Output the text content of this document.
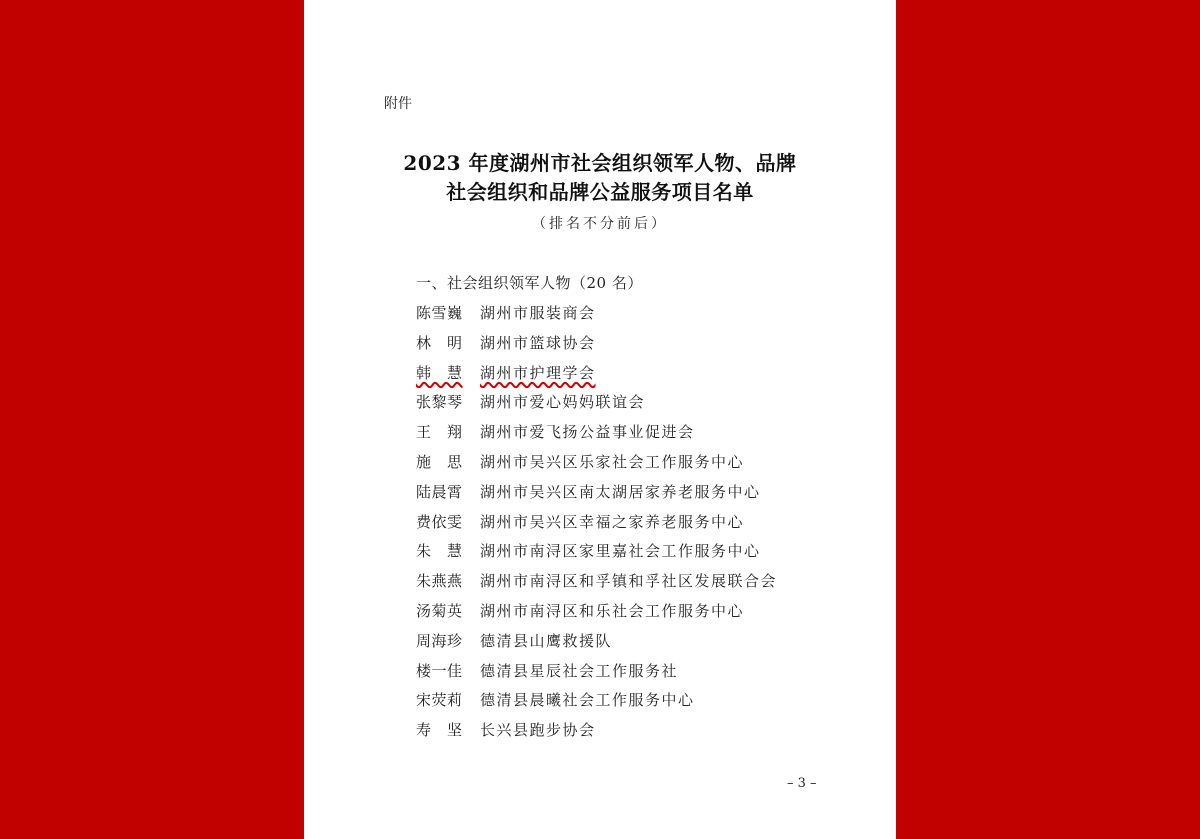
附件
2023 年度湖州市社会组织领军人物、品牌
社会组织和品牌公益服务项目名单
（排名不分前后）
一、社会组织领军人物（20 名）
陈雪巍 湖州市服装商会
林　明 湖州市篮球协会
韩　慧 湖州市护理学会
张黎琴 湖州市爱心妈妈联谊会
王　翔 湖州市爱飞扬公益事业促进会
施　思 湖州市吴兴区乐家社会工作服务中心
陆晨霄 湖州市吴兴区南太湖居家养老服务中心
费依雯 湖州市吴兴区幸福之家养老服务中心
朱　慧 湖州市南浔区家里嘉社会工作服务中心
朱燕燕 湖州市南浔区和孚镇和孚社区发展联合会
汤菊英 湖州市南浔区和乐社会工作服务中心
周海珍 德清县山鹰救援队
楼一佳 德清县星辰社会工作服务社
宋荧莉 德清县晨曦社会工作服务中心
寿　坚 长兴县跑步协会
– 3 –
